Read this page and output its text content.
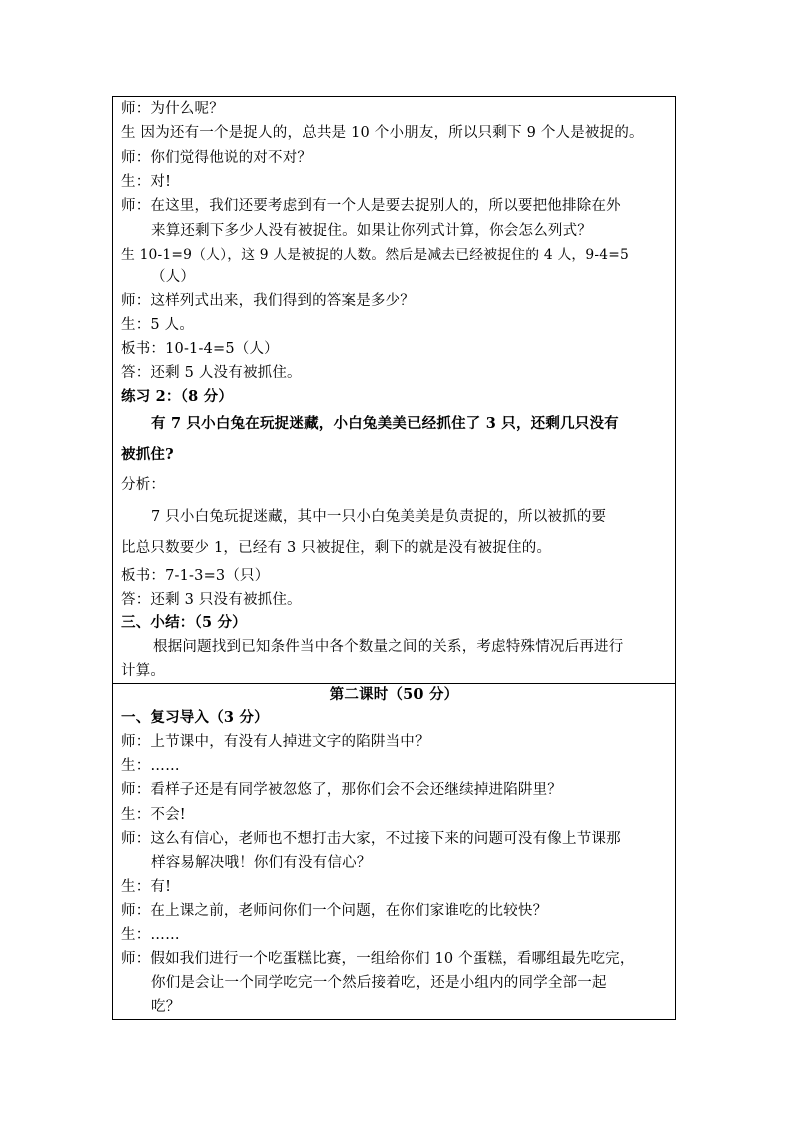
师：为什么呢？
生 因为还有一个是捉人的，总共是 10 个小朋友，所以只剩下 9 个人是被捉的。
师：你们觉得他说的对不对？
生：对!
师：在这里，我们还要考虑到有一个人是要去捉别人的，所以要把他排除在外
来算还剩下多少人没有被捉住。如果让你列式计算，你会怎么列式？
生 10-1=9（人），这 9 人是被捉的人数。然后是减去已经被捉住的 4 人，9-4=5
（人）
师：这样列式出来，我们得到的答案是多少？
生：5 人。
板书：10-1-4=5（人）
答：还剩 5 人没有被抓住。
练习 2：（8 分）
有 7 只小白兔在玩捉迷藏，小白兔美美已经抓住了 3 只，还剩几只没有
被抓住?
分析：
7 只小白兔玩捉迷藏，其中一只小白兔美美是负责捉的，所以被抓的要
比总只数要少 1，已经有 3 只被捉住，剩下的就是没有被捉住的。
板书：7-1-3=3（只）
答：还剩 3 只没有被抓住。
三、小结：（5 分）
根据问题找到已知条件当中各个数量之间的关系，考虑特殊情况后再进行
计算。
第二课时（50 分）
一、复习导入（3 分）
师：上节课中，有没有人掉进文字的陷阱当中？
生：……
师：看样子还是有同学被忽悠了，那你们会不会还继续掉进陷阱里？
生：不会!
师：这么有信心，老师也不想打击大家，不过接下来的问题可没有像上节课那
样容易解决哦！你们有没有信心？
生：有!
师：在上课之前，老师问你们一个问题，在你们家谁吃的比较快？
生：……
师：假如我们进行一个吃蛋糕比赛，一组给你们 10 个蛋糕，看哪组最先吃完，
你们是会让一个同学吃完一个然后接着吃，还是小组内的同学全部一起
吃？
